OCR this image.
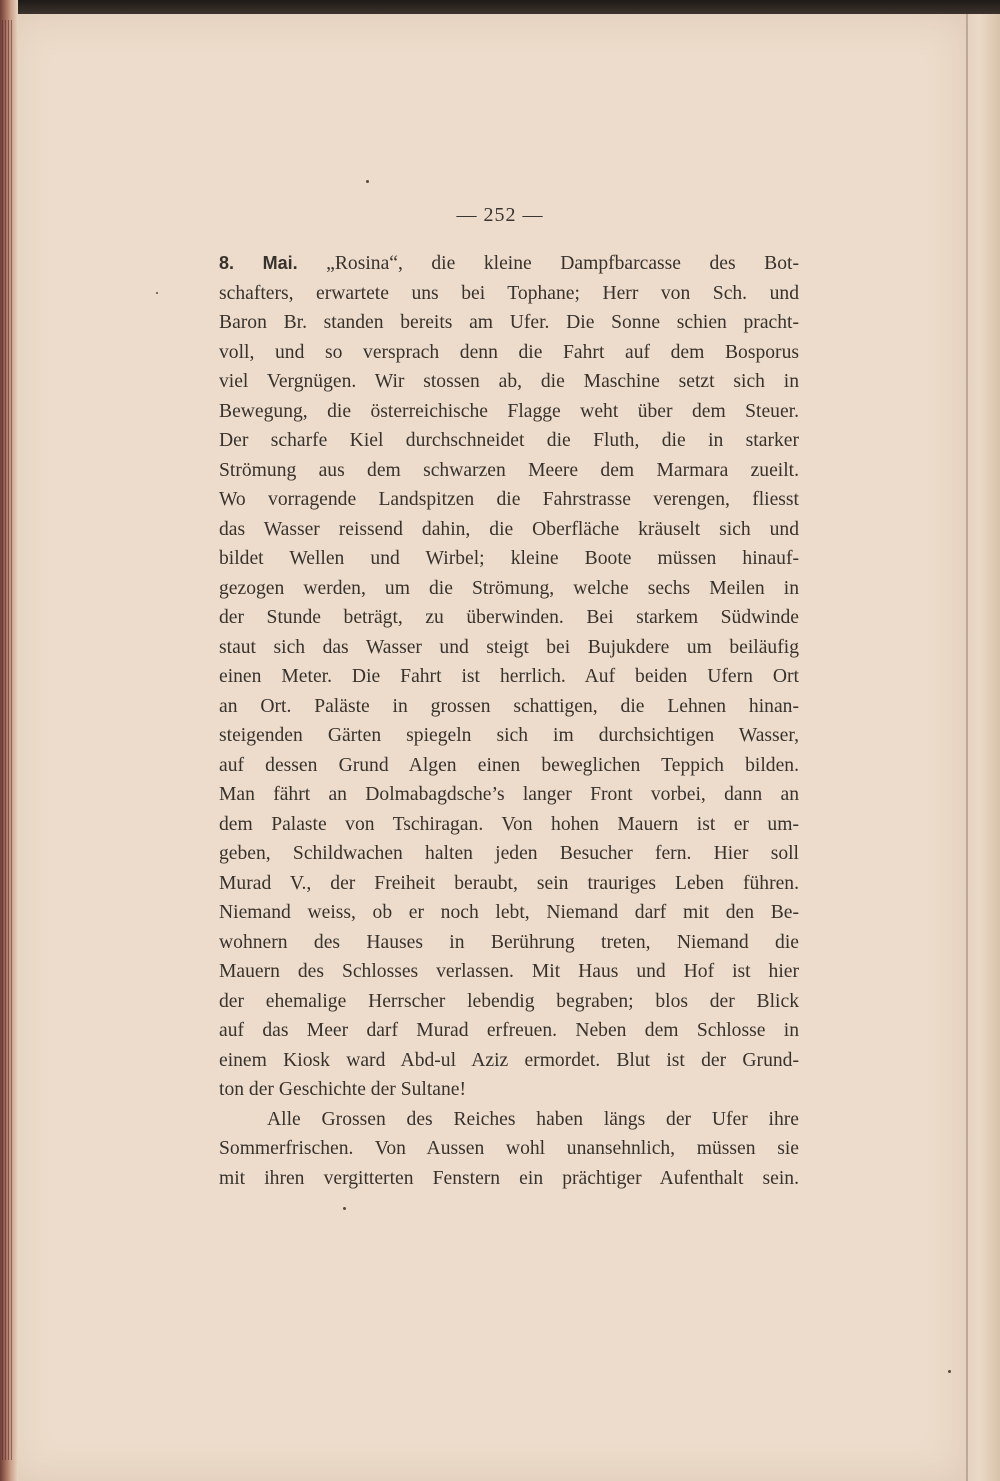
— 252 —
8. Mai. „Rosina“, die kleine Dampfbarcasse des Bot-
schafters, erwartete uns bei Tophane; Herr von Sch. und
Baron Br. standen bereits am Ufer. Die Sonne schien pracht-
voll, und so versprach denn die Fahrt auf dem Bosporus
viel Vergnügen. Wir stossen ab, die Maschine setzt sich in
Bewegung, die österreichische Flagge weht über dem Steuer.
Der scharfe Kiel durchschneidet die Fluth, die in starker
Strömung aus dem schwarzen Meere dem Marmara zueilt.
Wo vorragende Landspitzen die Fahrstrasse verengen, fliesst
das Wasser reissend dahin, die Oberfläche kräuselt sich und
bildet Wellen und Wirbel; kleine Boote müssen hinauf-
gezogen werden, um die Strömung, welche sechs Meilen in
der Stunde beträgt, zu überwinden. Bei starkem Südwinde
staut sich das Wasser und steigt bei Bujukdere um beiläufig
einen Meter. Die Fahrt ist herrlich. Auf beiden Ufern Ort
an Ort. Paläste in grossen schattigen, die Lehnen hinan-
steigenden Gärten spiegeln sich im durchsichtigen Wasser,
auf dessen Grund Algen einen beweglichen Teppich bilden.
Man fährt an Dolmabagdsche’s langer Front vorbei, dann an
dem Palaste von Tschiragan. Von hohen Mauern ist er um-
geben, Schildwachen halten jeden Besucher fern. Hier soll
Murad V., der Freiheit beraubt, sein trauriges Leben führen.
Niemand weiss, ob er noch lebt, Niemand darf mit den Be-
wohnern des Hauses in Berührung treten, Niemand die
Mauern des Schlosses verlassen. Mit Haus und Hof ist hier
der ehemalige Herrscher lebendig begraben; blos der Blick
auf das Meer darf Murad erfreuen. Neben dem Schlosse in
einem Kiosk ward Abd-ul Aziz ermordet. Blut ist der Grund-
ton der Geschichte der Sultane!
Alle Grossen des Reiches haben längs der Ufer ihre
Sommerfrischen. Von Aussen wohl unansehnlich, müssen sie
mit ihren vergitterten Fenstern ein prächtiger Aufenthalt sein.
